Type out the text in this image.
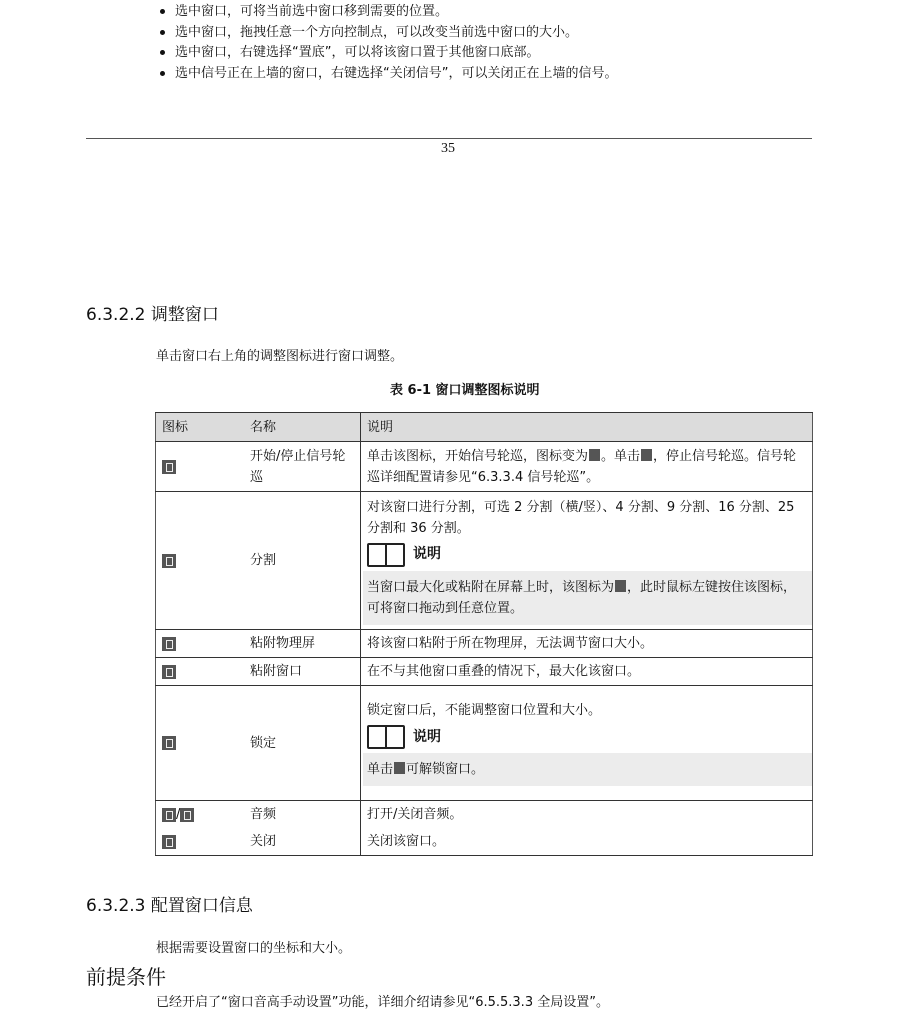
选中窗口，可将当前选中窗口移到需要的位置。
选中窗口，拖拽任意一个方向控制点，可以改变当前选中窗口的大小。
选中窗口，右键选择“置底”，可以将该窗口置于其他窗口底部。
选中信号正在上墙的窗口，右键选择“关闭信号”，可以关闭正在上墙的信号。
35
6.3.2.2 调整窗口
单击窗口右上角的调整图标进行窗口调整。
表 6-1 窗口调整图标说明
图标	名称	说明
	开始/停止信号轮巡	单击该图标，开始信号轮巡，图标变为 。单击 ，停止信号轮巡。信号轮巡详细配置请参见“6.3.3.4 信号轮巡”。
	分割	对该窗口进行分割，可选 2 分割（横/竖）、4 分割、9 分割、16 分割、25 分割和 36 分割。
说明
当窗口最大化或粘附在屏幕上时，该图标为 ，此时鼠标左键按住该图标，可将窗口拖动到任意位置。

	粘附物理屏	将该窗口粘附于所在物理屏，无法调节窗口大小。
	粘附窗口	在不与其他窗口重叠的情况下，最大化该窗口。
	锁定	锁定窗口后，不能调整窗口位置和大小。
说明
单击 可解锁窗口。

/	音频	打开/关闭音频。
	关闭	关闭该窗口。
6.3.2.3 配置窗口信息
根据需要设置窗口的坐标和大小。
前提条件
已经开启了“窗口音高手动设置”功能，详细介绍请参见“6.5.5.3.3 全局设置”。
